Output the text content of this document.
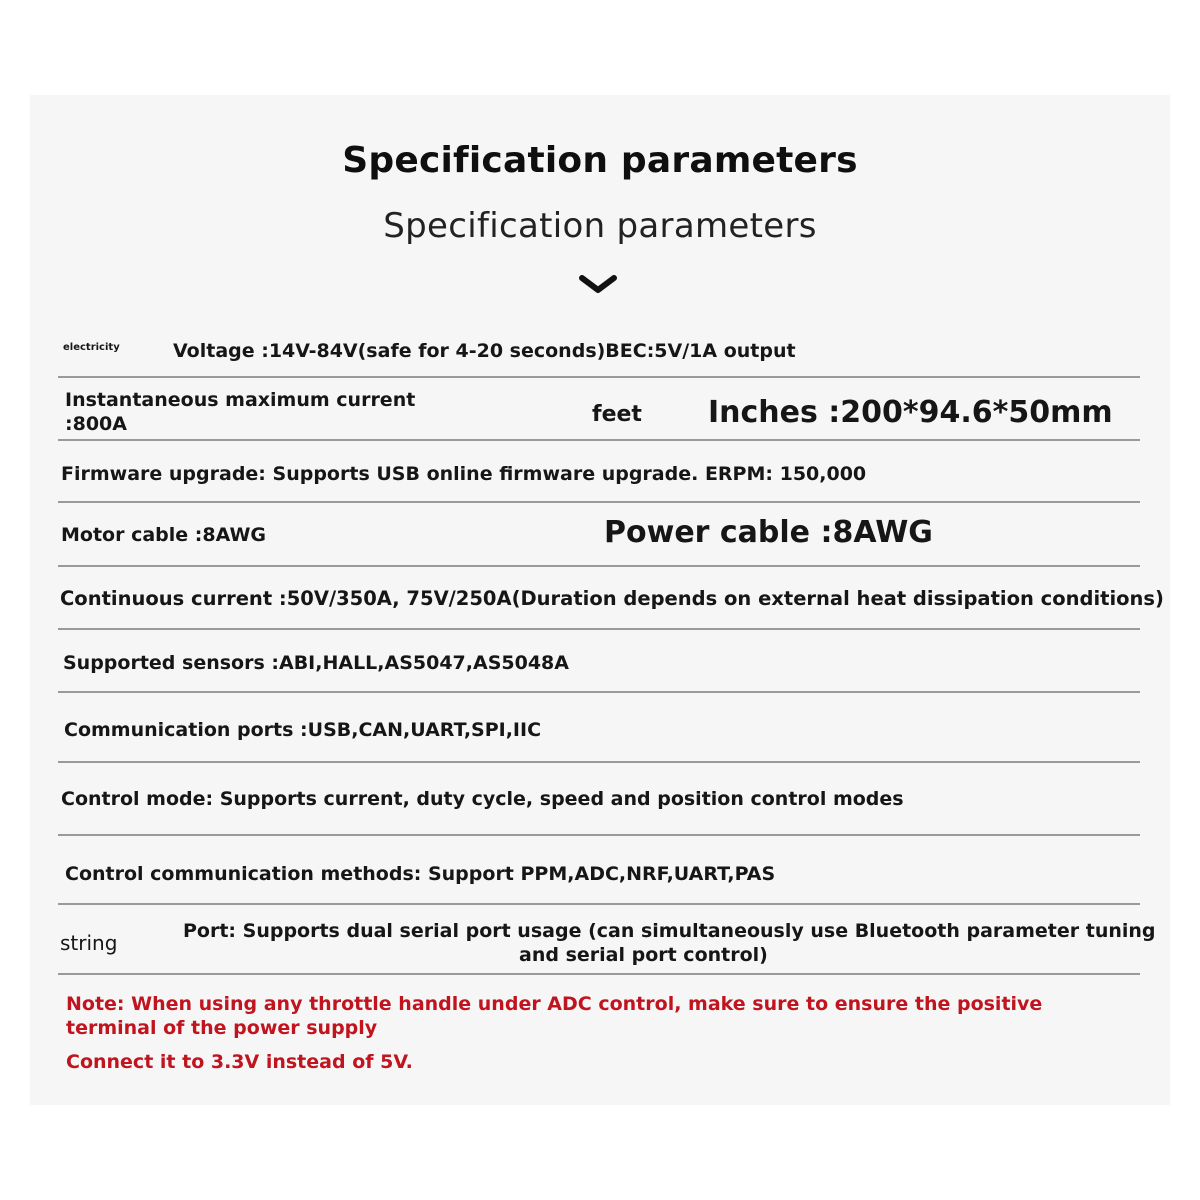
Specification parameters
Specification parameters
electricity	Voltage :14V-84V(safe for 4-20 seconds)BEC:5V/1A output
Instantaneous maximum current
:800A	feet Inches :200*94.6*50mm
Firmware upgrade: Supports USB online firmware upgrade. ERPM: 150,000
Motor cable :8AWG	Power cable :8AWG
Continuous current :50V/350A, 75V/250A(Duration depends on external heat dissipation conditions)
Supported sensors :ABI,HALL,AS5047,AS5048A
Communication ports :USB,CAN,UART,SPI,IIC
Control mode: Supports current, duty cycle, speed and position control modes
Control communication methods: Support PPM,ADC,NRF,UART,PAS
string	Port: Supports dual serial port usage (can simultaneously use Bluetooth parameter tuning
and serial port control)
Note: When using any throttle handle under ADC control, make sure to ensure the positive
terminal of the power supply
Connect it to 3.3V instead of 5V.
